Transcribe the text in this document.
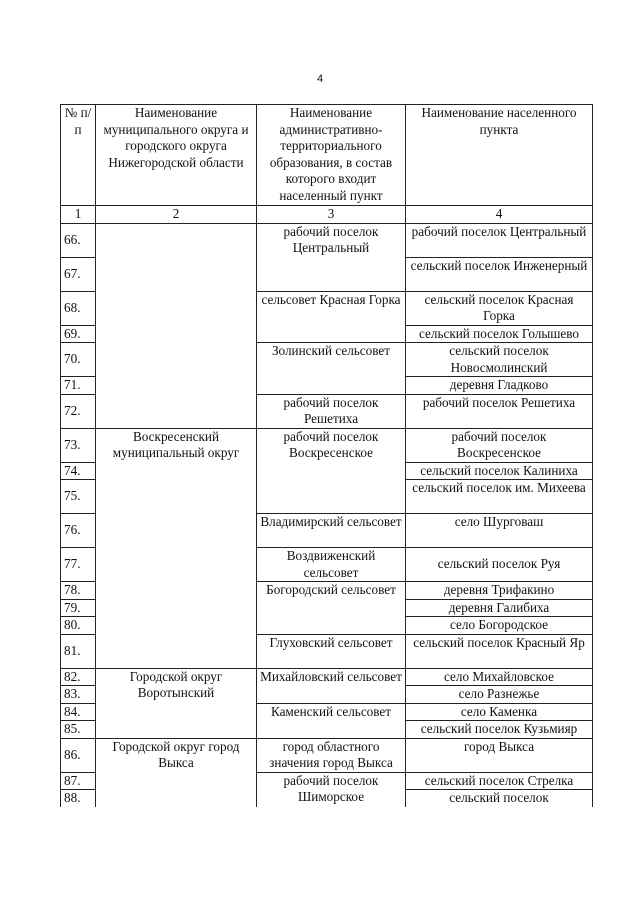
4
№ п/п	Наименование муниципального округа и городского округа Нижегородской области	Наименование административно-территориального образования, в состав которого входит населенный пункт	Наименование населенного пункта
1	2	3	4
66.		рабочий поселок Центральный	рабочий поселок Центральный
67.			сельский поселок Инженерный
68.		сельсовет Красная Горка	сельский поселок Красная Горка
69.			сельский поселок Голышево
70.		Золинский сельсовет	сельский поселок Новосмолинский
71.			деревня Гладково
72.		рабочий поселок Решетиха	рабочий поселок Решетиха
73.	Воскресенский муниципальный округ	рабочий поселок Воскресенское	рабочий поселок Воскресенское
74.			сельский поселок Калиниха
75.			сельский поселок им. Михеева
76.		Владимирский сельсовет	село Шурговаш
77.		Воздвиженский сельсовет	сельский поселок Руя
78.		Богородский сельсовет	деревня Трифакино
79.			деревня Галибиха
80.			село Богородское
81.		Глуховский сельсовет	сельский поселок Красный Яр
82.	Городской округ Воротынский	Михайловский сельсовет	село Михайловское
83.			село Разнежье
84.		Каменский сельсовет	село Каменка
85.			сельский поселок Кузьмияр
86.	Городской округ город Выкса	город областного значения город Выкса	город Выкса
87.		рабочий поселок Шиморское	сельский поселок Стрелка
88.			сельский поселок
